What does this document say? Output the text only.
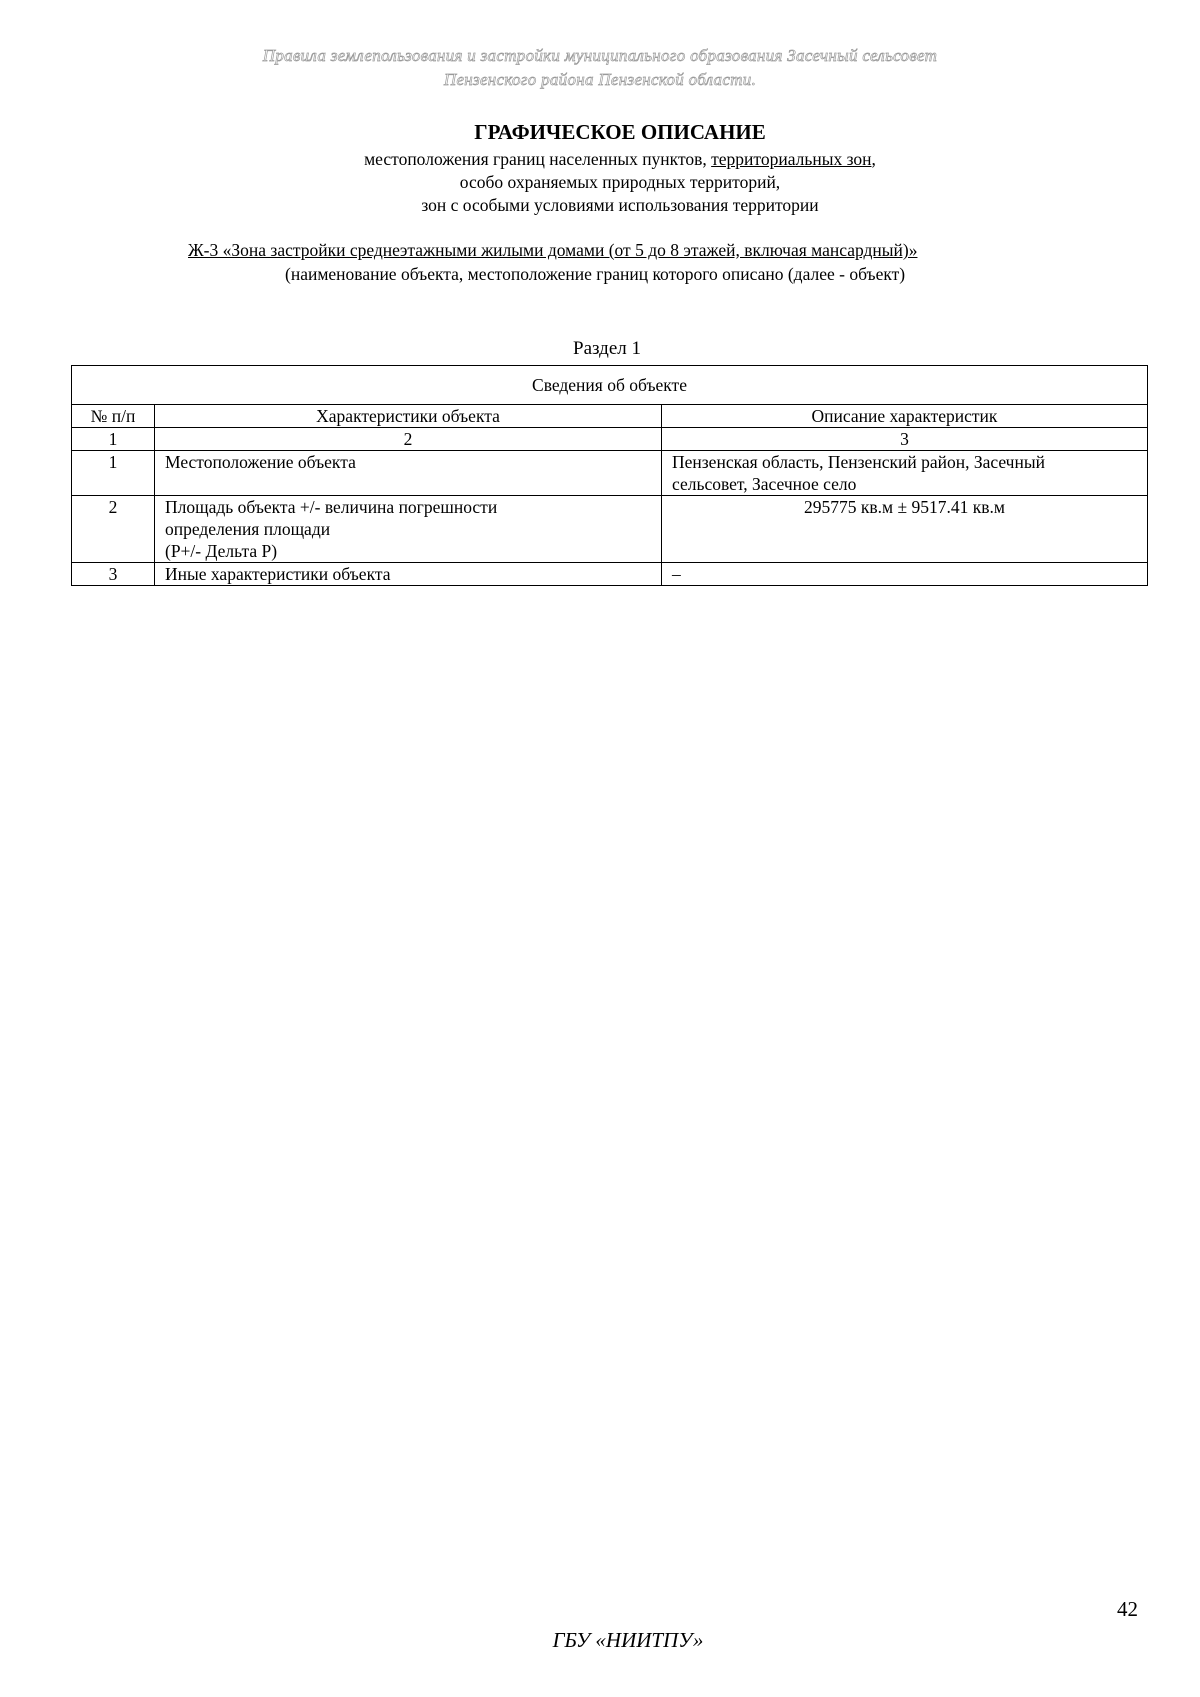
Правила землепользования и застройки муниципального образования Засечный сельсовет
Пензенского района Пензенской области.
ГРАФИЧЕСКОЕ ОПИСАНИЕ
местоположения границ населенных пунктов, территориальных зон,
особо охраняемых природных территорий,
зон с особыми условиями использования территории
Ж-3 «Зона застройки среднеэтажными жилыми домами (от 5 до 8 этажей, включая мансардный)»
(наименование объекта, местоположение границ которого описано (далее - объект)
Раздел 1
Сведения об объекте		
№ п/п	Характеристики объекта	Описание характеристик
1	2	3
1	Местоположение объекта	Пензенская область, Пензенский район, Засечный
сельсовет, Засечное село

2	Площадь объекта +/- величина погрешности
определения площади
(Р+/- Дельта Р)	295775 кв.м ± 9517.41 кв.м

3	Иные характеристики объекта	–
42
ГБУ «НИИТПУ»
